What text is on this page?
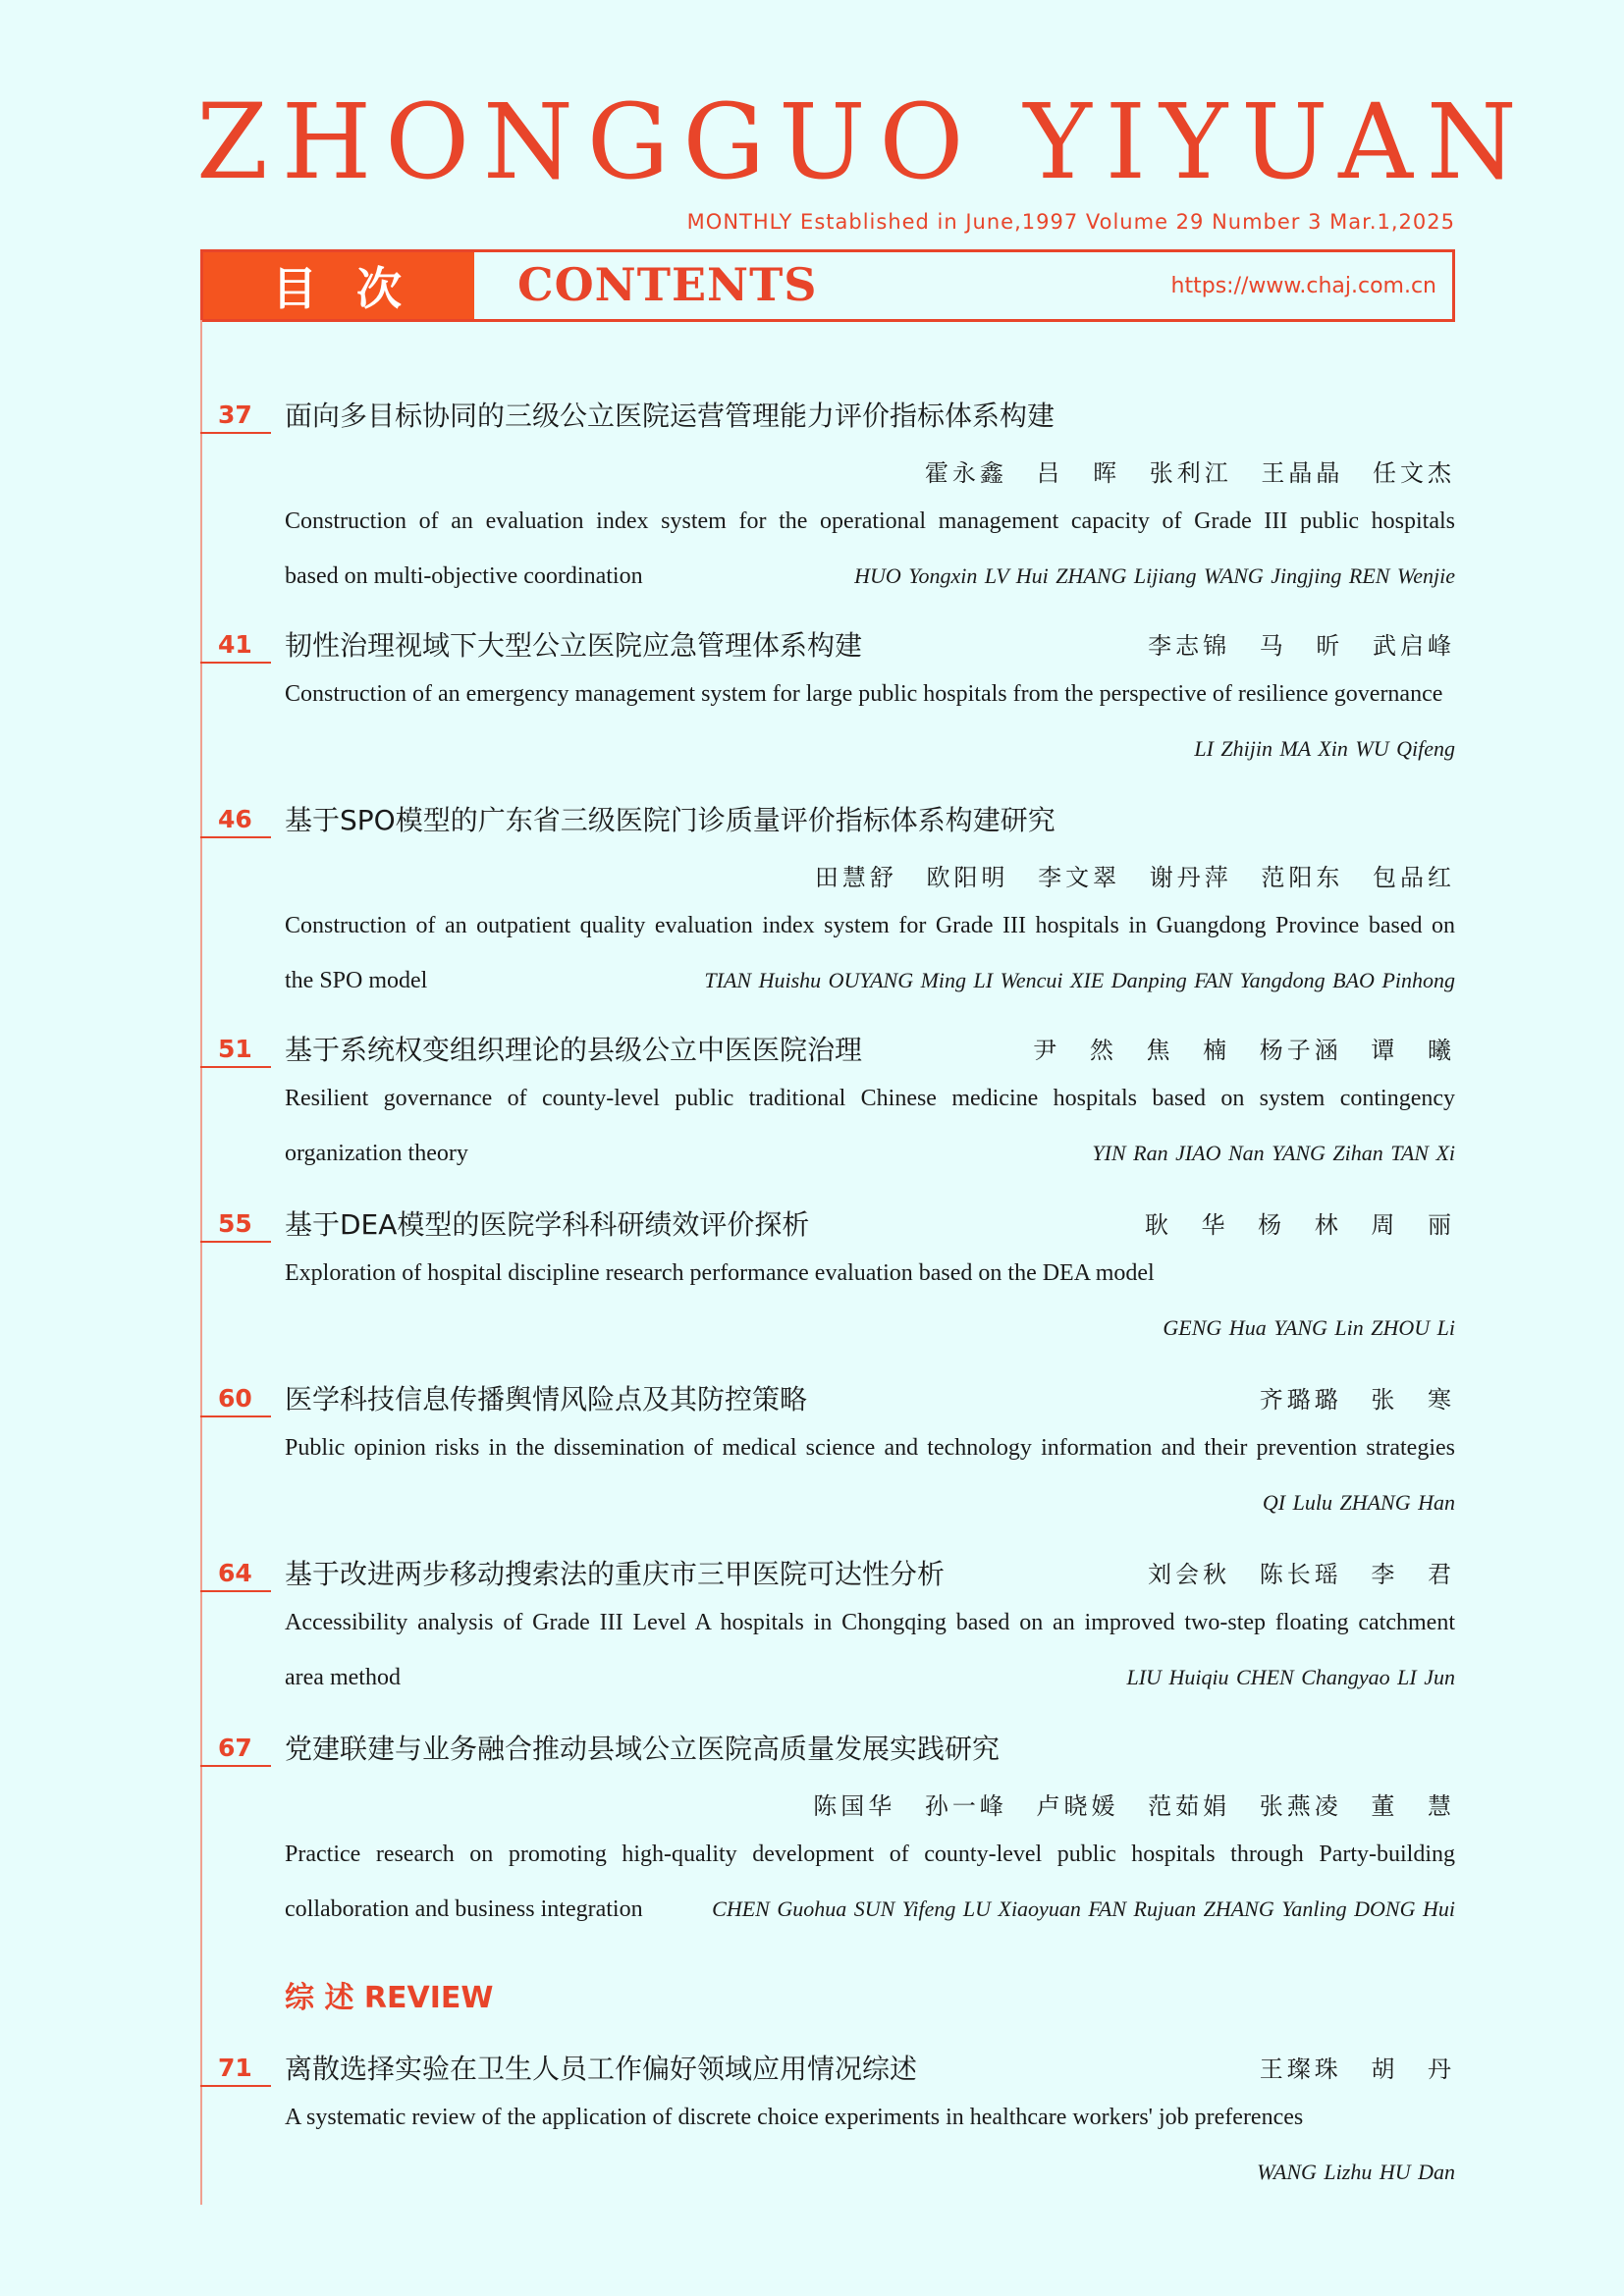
ZHONGGUO YIYUAN
MONTHLY Established in June,1997 Volume 29 Number 3 Mar.1,2025
目次	CONTENTS	https://www.chaj.com.cn
37 面向多目标协同的三级公立医院运营管理能力评价指标体系构建
霍永鑫 吕 晖 张利江 王晶晶 任文杰
Construction of an evaluation index system for the operational management capacity of Grade III public hospitals
based on multi-objective coordination	HUO Yongxin LV Hui ZHANG Lijiang WANG Jingjing REN Wenjie
41 韧性治理视域下大型公立医院应急管理体系构建	李志锦 马 昕 武启峰
Construction of an emergency management system for large public hospitals from the perspective of resilience governance
LI Zhijin MA Xin WU Qifeng
46 基于SPO模型的广东省三级医院门诊质量评价指标体系构建研究
田慧舒 欧阳明 李文翠 谢丹萍 范阳东 包品红
Construction of an outpatient quality evaluation index system for Grade III hospitals in Guangdong Province based on
the SPO model	TIAN Huishu OUYANG Ming LI Wencui XIE Danping FAN Yangdong BAO Pinhong
51 基于系统权变组织理论的县级公立中医医院治理	尹 然 焦 楠 杨子涵 谭 曦
Resilient governance of county-level public traditional Chinese medicine hospitals based on system contingency
organization theory	YIN Ran JIAO Nan YANG Zihan TAN Xi
55 基于DEA模型的医院学科科研绩效评价探析	耿 华 杨 林 周 丽
Exploration of hospital discipline research performance evaluation based on the DEA model
GENG Hua YANG Lin ZHOU Li
60 医学科技信息传播舆情风险点及其防控策略	齐璐璐 张 寒
Public opinion risks in the dissemination of medical science and technology information and their prevention strategies
QI Lulu ZHANG Han
64 基于改进两步移动搜索法的重庆市三甲医院可达性分析	刘会秋 陈长瑶 李 君
Accessibility analysis of Grade III Level A hospitals in Chongqing based on an improved two-step floating catchment
area method	LIU Huiqiu CHEN Changyao LI Jun
67 党建联建与业务融合推动县域公立医院高质量发展实践研究
陈国华 孙一峰 卢晓媛 范茹娟 张燕凌 董 慧
Practice research on promoting high-quality development of county-level public hospitals through Party-building
collaboration and business integration	CHEN Guohua SUN Yifeng LU Xiaoyuan FAN Rujuan ZHANG Yanling DONG Hui
综 述 REVIEW
71 离散选择实验在卫生人员工作偏好领域应用情况综述	王璨珠 胡 丹
A systematic review of the application of discrete choice experiments in healthcare workers' job preferences
WANG Lizhu HU Dan
